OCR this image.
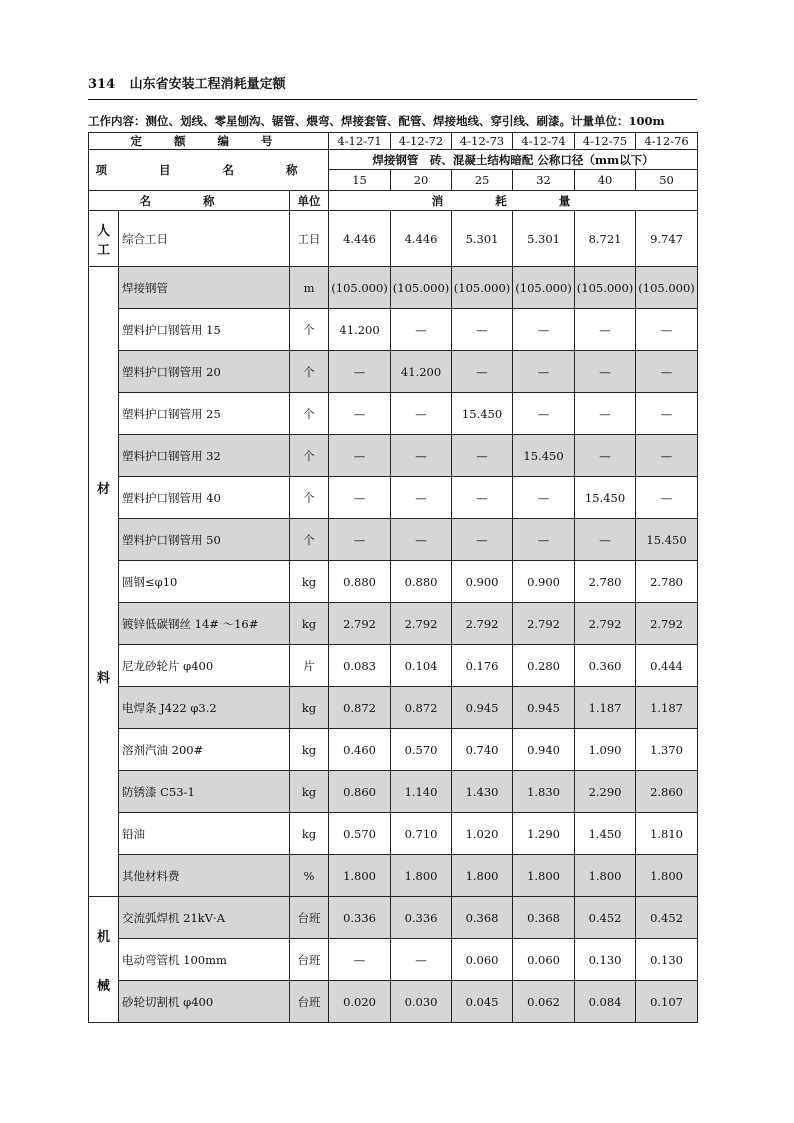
314 山东省安装工程消耗量定额
工作内容：测位、划线、零星刨沟、锯管、煨弯、焊接套管、配管、焊接地线、穿引线、刷漆。计量单位：100m
定 额 编 号			4-12-71	4-12-72	4-12-73	4-12-74	4-12-75	4-12-76
项 目 名 称			焊接钢管　砖、混凝土结构暗配 公称口径（mm以下）					
			15	20	25	32	40	50
名 称		单位	消 耗 量					

人
工	综合工日	工日	4.446	4.446	5.301	5.301	8.721	9.747

材
料	焊接钢管	m	(105.000)	(105.000)	(105.000)	(105.000)	(105.000)	(105.000)
	塑料护口钢管用 15	个	41.200	—	—	—	—	—
	塑料护口钢管用 20	个	—	41.200	—	—	—	—
	塑料护口钢管用 25	个	—	—	15.450	—	—	—
	塑料护口钢管用 32	个	—	—	—	15.450	—	—
	塑料护口钢管用 40	个	—	—	—	—	15.450	—
	塑料护口钢管用 50	个	—	—	—	—	—	15.450
	圆钢≤φ10	kg	0.880	0.880	0.900	0.900	2.780	2.780
	镀锌低碳钢丝 14# ～16#	kg	2.792	2.792	2.792	2.792	2.792	2.792
	尼龙砂轮片 φ400	片	0.083	0.104	0.176	0.280	0.360	0.444
	电焊条 J422 φ3.2	kg	0.872	0.872	0.945	0.945	1.187	1.187
	溶剂汽油 200#	kg	0.460	0.570	0.740	0.940	1.090	1.370
	防锈漆 C53-1	kg	0.860	1.140	1.430	1.830	2.290	2.860
	铅油	kg	0.570	0.710	1.020	1.290	1.450	1.810
	其他材料费	%	1.800	1.800	1.800	1.800	1.800	1.800

机
械	交流弧焊机 21kV·A	台班	0.336	0.336	0.368	0.368	0.452	0.452
	电动弯管机 100mm	台班	—	—	0.060	0.060	0.130	0.130
	砂轮切割机 φ400	台班	0.020	0.030	0.045	0.062	0.084	0.107
